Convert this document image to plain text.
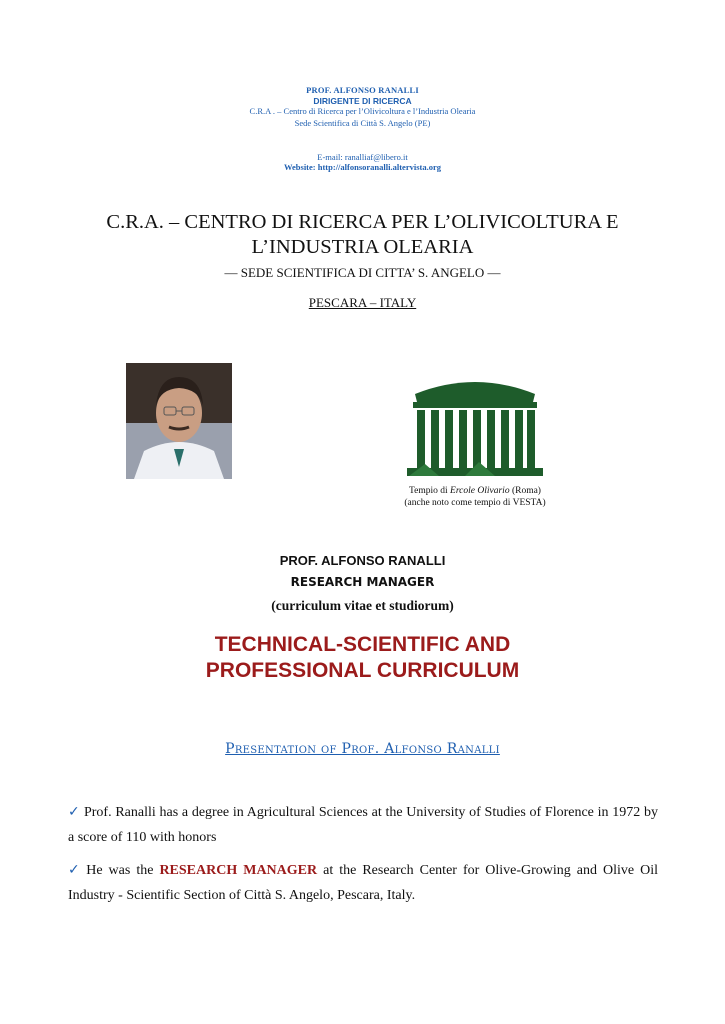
PROF. ALFONSO RANALLI
DIRIGENTE DI RICERCA
C.R.A . – Centro di Ricerca per l’Olivicoltura e l’Industria Olearia
Sede Scientifica di Città S. Angelo (PE)
E-mail: ranalliaf@libero.it
Website: http://alfonsoranalli.altervista.org
C.R.A. – CENTRO DI RICERCA PER L’OLIVICOLTURA E
L’INDUSTRIA OLEARIA
— SEDE SCIENTIFICA DI CITTA’ S. ANGELO —
PESCARA – ITALY
Tempio di Ercole Olivario (Roma)
(anche noto come tempio di VESTA)
PROF. ALFONSO RANALLI
RESEARCH MANAGER
(curriculum vitae et studiorum)
TECHNICAL-SCIENTIFIC AND
PROFESSIONAL CURRICULUM
Presentation of Prof. Alfonso Ranalli
✓ Prof. Ranalli has a degree in Agricultural Sciences at the University of Studies of Florence in 1972 by a score of 110 with honors
✓ He was the RESEARCH MANAGER at the Research Center for Olive-Growing and Olive Oil Industry - Scientific Section of Città S. Angelo, Pescara, Italy.
